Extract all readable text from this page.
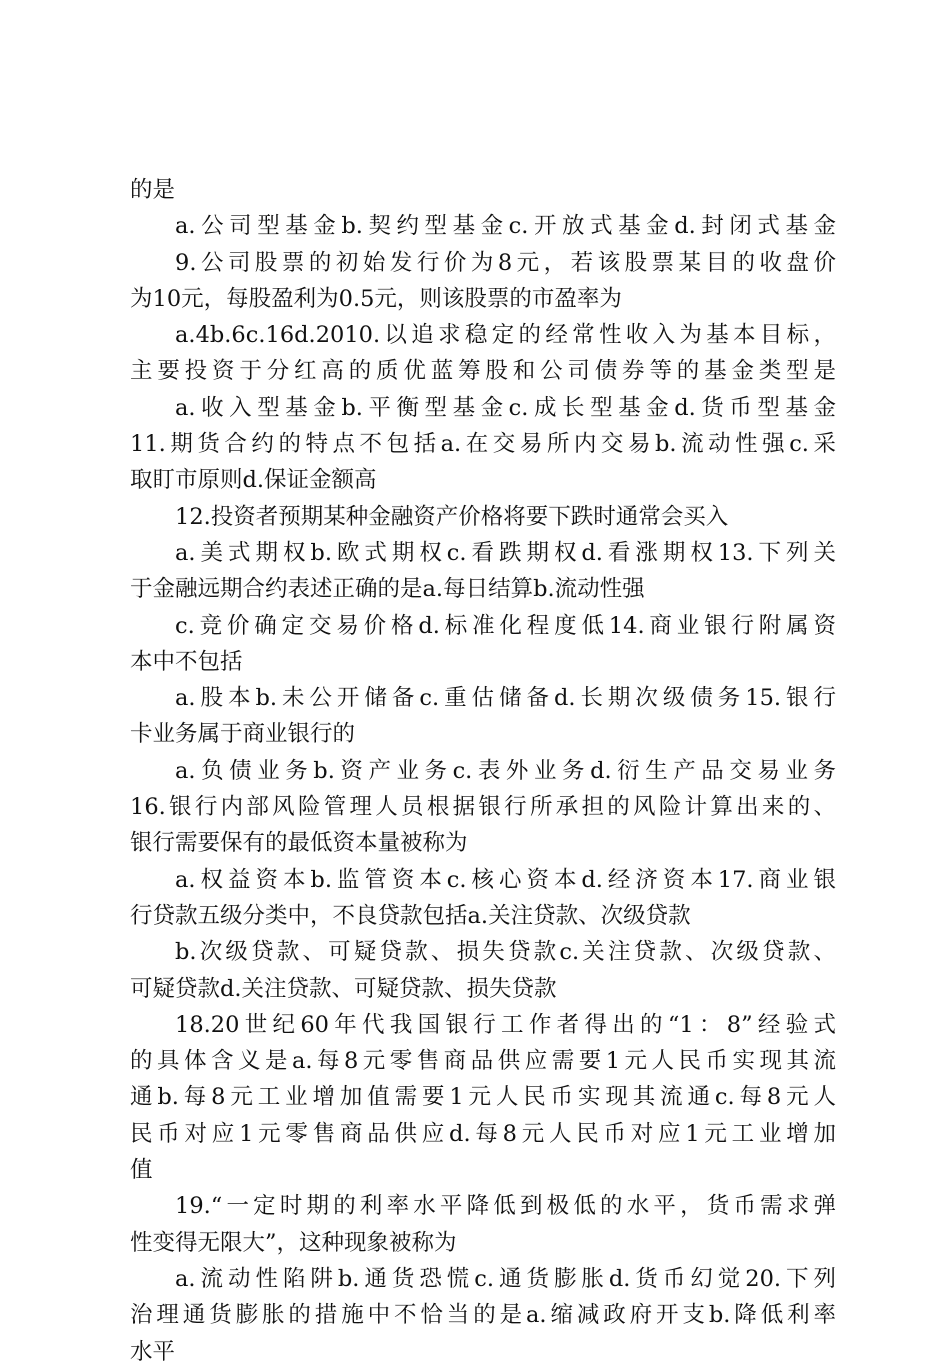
的是
a.公司型基金b.契约型基金c.开放式基金d.封闭式基金
9.公司股票的初始发行价为8元，若该股票某目的收盘价
为10元，每股盈利为0.5元，则该股票的市盈率为
a.4b.6c.16d.2010.以追求稳定的经常性收入为基本目标，
主要投资于分红高的质优蓝筹股和公司债券等的基金类型是
a.收入型基金b.平衡型基金c.成长型基金d.货币型基金
11.期货合约的特点不包括a.在交易所内交易b.流动性强c.采
取盯市原则d.保证金额高
12.投资者预期某种金融资产价格将要下跌时通常会买入
a.美式期权b.欧式期权c.看跌期权d.看涨期权13.下列关
于金融远期合约表述正确的是a.每日结算b.流动性强
c.竞价确定交易价格d.标准化程度低14.商业银行附属资
本中不包括
a.股本b.未公开储备c.重估储备d.长期次级债务15.银行
卡业务属于商业银行的
a.负债业务b.资产业务c.表外业务d.衍生产品交易业务
16.银行内部风险管理人员根据银行所承担的风险计算出来的、
银行需要保有的最低资本量被称为
a.权益资本b.监管资本c.核心资本d.经济资本17.商业银
行贷款五级分类中，不良贷款包括a.关注贷款、次级贷款
b.次级贷款、可疑贷款、损失贷款c.关注贷款、次级贷款、
可疑贷款d.关注贷款、可疑贷款、损失贷款
18.20世纪60年代我国银行工作者得出的“1：8”经验式
的具体含义是a.每8元零售商品供应需要1元人民币实现其流
通b.每8元工业增加值需要1元人民币实现其流通c.每8元人
民币对应1元零售商品供应d.每8元人民币对应1元工业增加
值
19.“一定时期的利率水平降低到极低的水平，货币需求弹
性变得无限大”，这种现象被称为
a.流动性陷阱b.通货恐慌c.通货膨胀d.货币幻觉20.下列
治理通货膨胀的措施中不恰当的是a.缩减政府开支b.降低利率
水平
